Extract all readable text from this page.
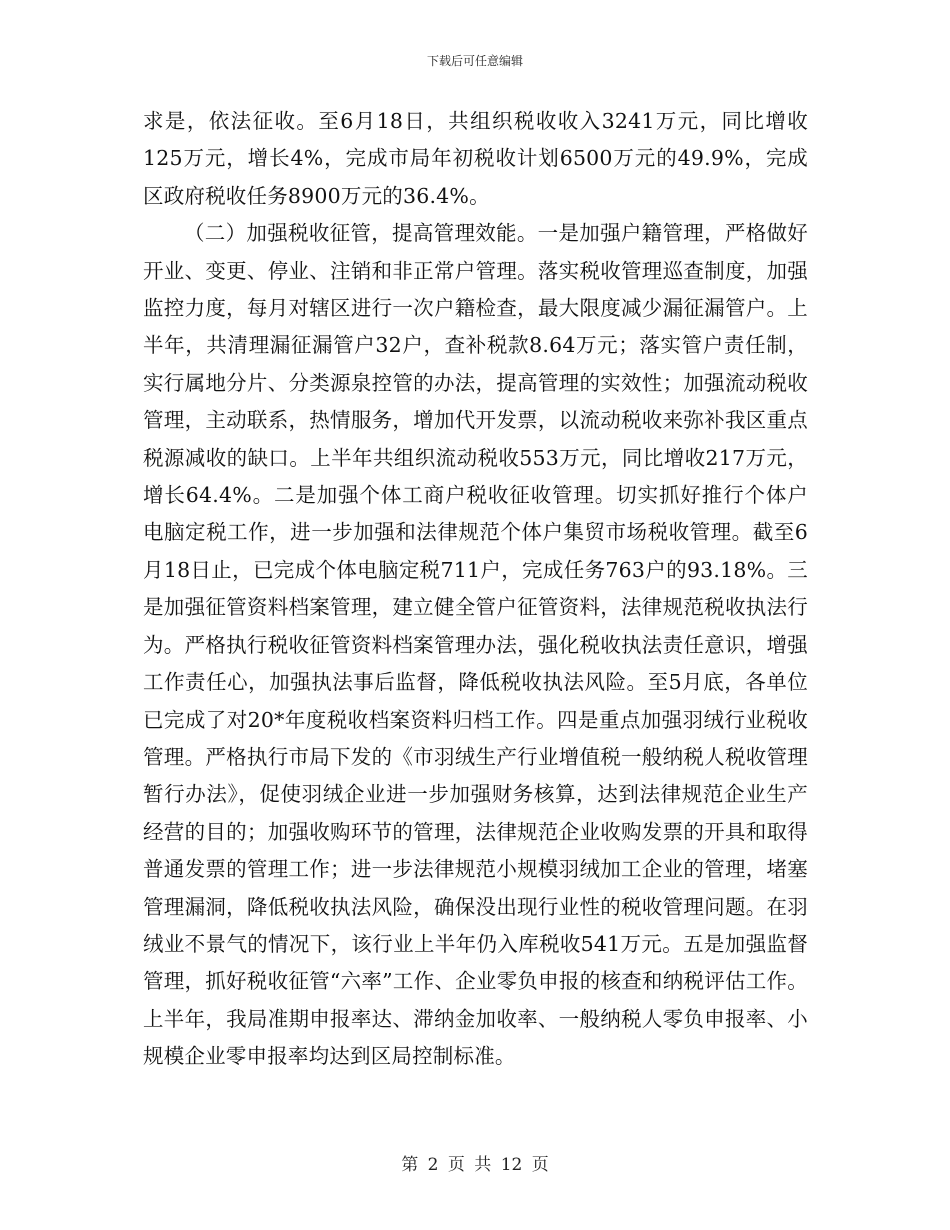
下载后可任意编辑

求是，依法征收。至6月18日，共组织税收收入3241万元，同比增收125万元，增长4%，完成市局年初税收计划6500万元的49.9%，完成区政府税收任务8900万元的36.4%。

（二）加强税收征管，提高管理效能。一是加强户籍管理，严格做好开业、变更、停业、注销和非正常户管理。落实税收管理巡查制度，加强监控力度，每月对辖区进行一次户籍检查，最大限度减少漏征漏管户。上半年，共清理漏征漏管户32户，查补税款8.64万元；落实管户责任制，实行属地分片、分类源泉控管的办法，提高管理的实效性；加强流动税收管理，主动联系，热情服务，增加代开发票，以流动税收来弥补我区重点税源减收的缺口。上半年共组织流动税收553万元，同比增收217万元，增长64.4%。二是加强个体工商户税收征收管理。切实抓好推行个体户电脑定税工作，进一步加强和法律规范个体户集贸市场税收管理。截至6月18日止，已完成个体电脑定税711户，完成任务763户的93.18%。三是加强征管资料档案管理，建立健全管户征管资料，法律规范税收执法行为。严格执行税收征管资料档案管理办法，强化税收执法责任意识，增强工作责任心，加强执法事后监督，降低税收执法风险。至5月底，各单位已完成了对20*年度税收档案资料归档工作。四是重点加强羽绒行业税收管理。严格执行市局下发的《市羽绒生产行业增值税一般纳税人税收管理暂行办法》，促使羽绒企业进一步加强财务核算，达到法律规范企业生产经营的目的；加强收购环节的管理，法律规范企业收购发票的开具和取得普通发票的管理工作；进一步法律规范小规模羽绒加工企业的管理，堵塞管理漏洞，降低税收执法风险，确保没出现行业性的税收管理问题。在羽绒业不景气的情况下，该行业上半年仍入库税收541万元。五是加强监督管理，抓好税收征管“六率”工作、企业零负申报的核查和纳税评估工作。上半年，我局准期申报率达、滞纳金加收率、一般纳税人零负申报率、小规模企业零申报率均达到区局控制标准。

第 2 页 共 12 页
